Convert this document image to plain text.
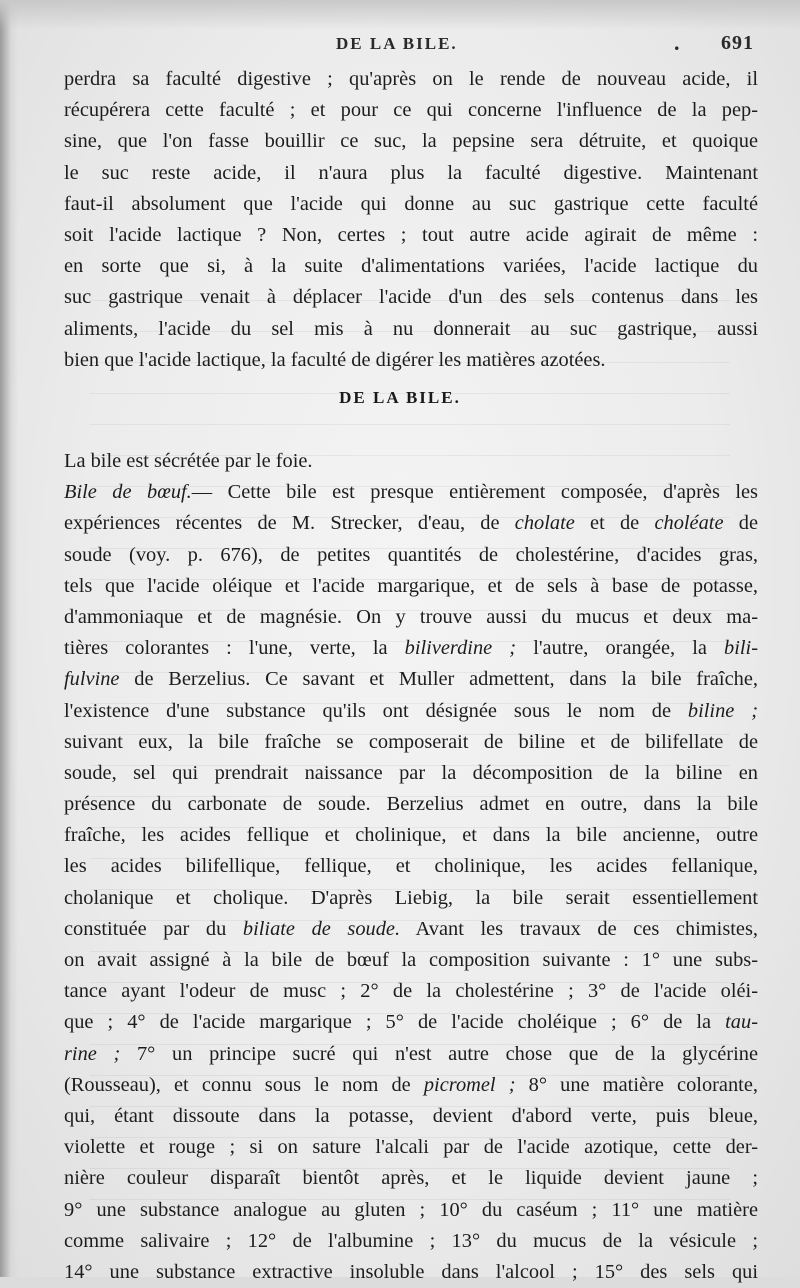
DE LA BILE.	. 691
perdra sa faculté digestive ; qu'après on le rende de nouveau acide, il
récupérera cette faculté ; et pour ce qui concerne l'influence de la pep-
sine, que l'on fasse bouillir ce suc, la pepsine sera détruite, et quoique
le suc reste acide, il n'aura plus la faculté digestive. Maintenant
faut-il absolument que l'acide qui donne au suc gastrique cette faculté
soit l'acide lactique ? Non, certes ; tout autre acide agirait de même :
en sorte que si, à la suite d'alimentations variées, l'acide lactique du
suc gastrique venait à déplacer l'acide d'un des sels contenus dans les
aliments, l'acide du sel mis à nu donnerait au suc gastrique, aussi
bien que l'acide lactique, la faculté de digérer les matières azotées.
DE LA BILE.
La bile est sécrétée par le foie.
Bile de bœuf.— Cette bile est presque entièrement composée, d'après les
expériences récentes de M. Strecker, d'eau, de cholate et de choléate de
soude (voy. p. 676), de petites quantités de cholestérine, d'acides gras,
tels que l'acide oléique et l'acide margarique, et de sels à base de potasse,
d'ammoniaque et de magnésie. On y trouve aussi du mucus et deux ma-
tières colorantes : l'une, verte, la biliverdine ; l'autre, orangée, la bili-
fulvine de Berzelius. Ce savant et Muller admettent, dans la bile fraîche,
l'existence d'une substance qu'ils ont désignée sous le nom de biline ;
suivant eux, la bile fraîche se composerait de biline et de bilifellate de
soude, sel qui prendrait naissance par la décomposition de la biline en
présence du carbonate de soude. Berzelius admet en outre, dans la bile
fraîche, les acides fellique et cholinique, et dans la bile ancienne, outre
les acides bilifellique, fellique, et cholinique, les acides fellanique,
cholanique et cholique. D'après Liebig, la bile serait essentiellement
constituée par du biliate de soude. Avant les travaux de ces chimistes,
on avait assigné à la bile de bœuf la composition suivante : 1° une subs-
tance ayant l'odeur de musc ; 2° de la cholestérine ; 3° de l'acide oléi-
que ; 4° de l'acide margarique ; 5° de l'acide choléique ; 6° de la tau-
rine ; 7° un principe sucré qui n'est autre chose que de la glycérine
(Rousseau), et connu sous le nom de picromel ; 8° une matière colorante,
qui, étant dissoute dans la potasse, devient d'abord verte, puis bleue,
violette et rouge ; si on sature l'alcali par de l'acide azotique, cette der-
nière couleur disparaît bientôt après, et le liquide devient jaune ;
9° une substance analogue au gluten ; 10° du caséum ; 11° une matière
comme salivaire ; 12° de l'albumine ; 13° du mucus de la vésicule ;
14° une substance extractive insoluble dans l'alcool ; 15° des sels qui
